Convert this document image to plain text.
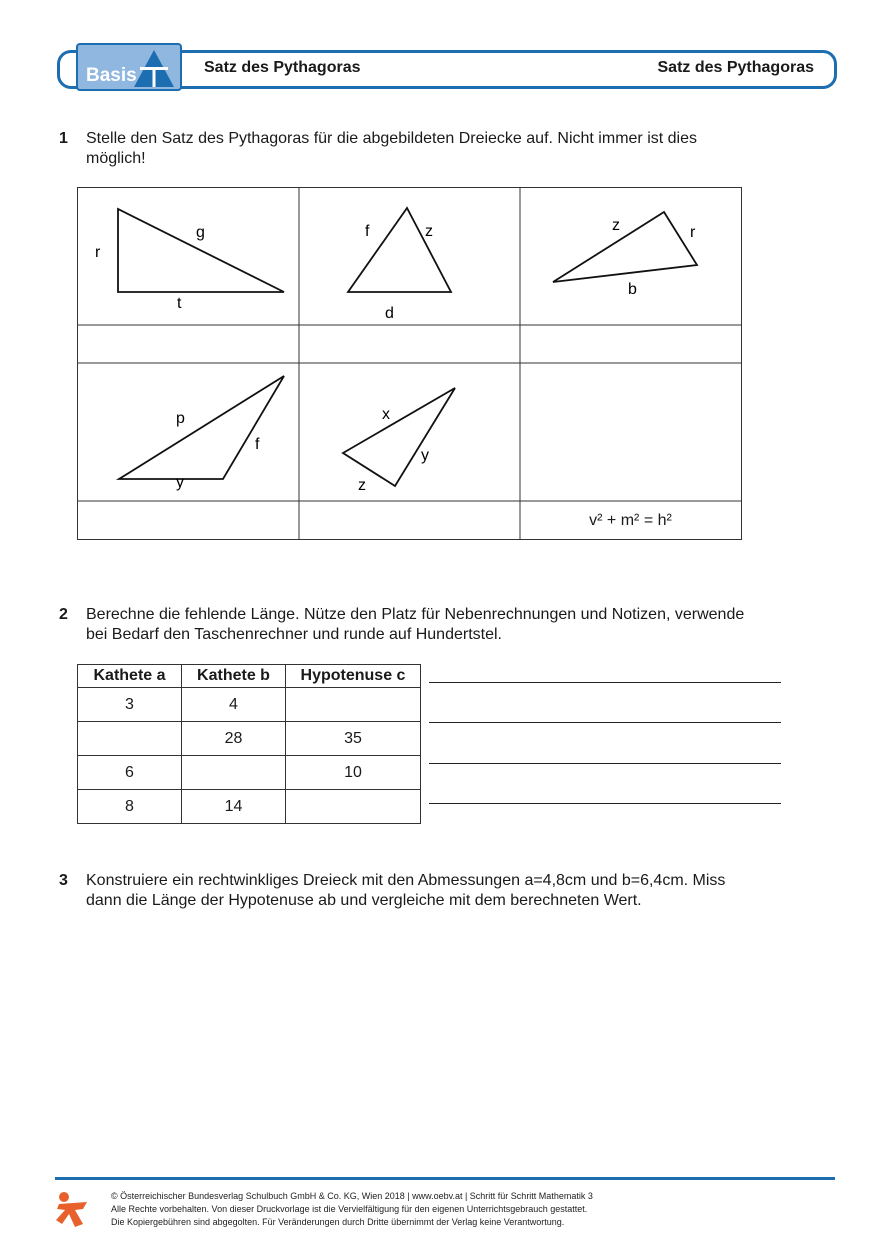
Basis	Satz des Pythagoras	Satz des Pythagoras
1 Stelle den Satz des Pythagoras für die abgebildeten Dreiecke auf. Nicht immer ist dies
möglich!
r
g
t
f	z
d
z	r
b
p
f
y
x
y
z
v² + m² = h²
2 Berechne die fehlende Länge. Nütze den Platz für Nebenrechnungen und Notizen, verwende
bei Bedarf den Taschenrechner und runde auf Hundertstel.
Kathete a	Kathete b	Hypotenuse c
3	4	
	28	35
6		10
8	14	
3 Konstruiere ein rechtwinkliges Dreieck mit den Abmessungen a=4,8cm und b=6,4cm. Miss
dann die Länge der Hypotenuse ab und vergleiche mit dem berechneten Wert.
© Österreichischer Bundesverlag Schulbuch GmbH & Co. KG, Wien 2018 | www.oebv.at | Schritt für Schritt Mathematik 3
Alle Rechte vorbehalten. Von dieser Druckvorlage ist die Vervielfältigung für den eigenen Unterrichtsgebrauch gestattet.
Die Kopiergebühren sind abgegolten. Für Veränderungen durch Dritte übernimmt der Verlag keine Verantwortung.
